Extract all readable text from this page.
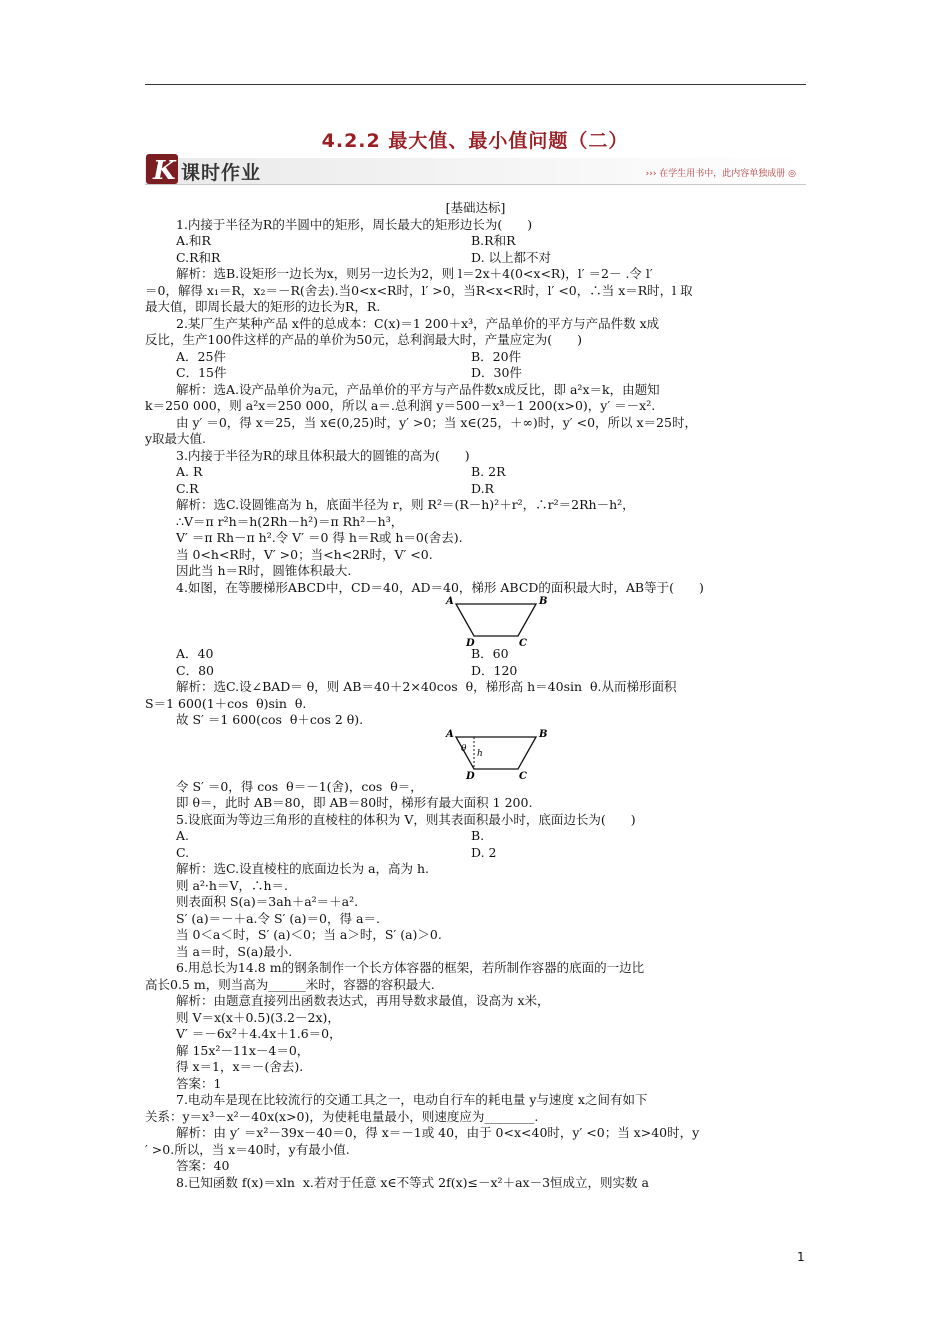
4.2.2 最大值、最小值问题（二）
K 课时作业	››› 在学生用书中，此内容单独成册 ◎
[基础达标]
1.内接于半径为R的半圆中的矩形，周长最大的矩形边长为(　　)
A.和R	B.R和R
C.R和R	D. 以上都不对
解析：选B.设矩形一边长为x，则另一边长为2，则 l＝2x＋4(0<x<R)，l′ ＝2－ .令 l′
＝0，解得 x₁＝R，x₂＝－R(舍去).当0<x<R时，l′ >0，当R<x<R时，l′ <0，∴当 x＝R时，l 取
最大值，即周长最大的矩形的边长为R，R.
2.某厂生产某种产品 x件的总成本：C(x)＝1 200＋x³，产品单价的平方与产品件数 x成
反比，生产100件这样的产品的单价为50元，总利润最大时，产量应定为(　　)
A．25件	B．20件
C．15件	D．30件
解析：选A.设产品单价为a元，产品单价的平方与产品件数x成反比，即 a²x＝k，由题知
k＝250 000，则 a²x＝250 000，所以 a＝.总利润 y＝500－x³－1 200(x>0)，y′ ＝－x².
由 y′ ＝0，得 x＝25，当 x∈(0,25)时，y′ >0；当 x∈(25，＋∞)时，y′ <0，所以 x＝25时，
y取最大值.
3.内接于半径为R的球且体积最大的圆锥的高为(　　)
A. R	B. 2R
C.R	D.R
解析：选C.设圆锥高为 h，底面半径为 r，则 R²＝(R－h)²＋r²，∴r²＝2Rh－h²，
∴V＝π r²h＝h(2Rh－h²)＝π Rh²－h³，
V′ ＝π Rh－π h².令 V′ ＝0 得 h＝R或 h＝0(舍去).
当 0<h<R时，V′ >0；当<h<2R时，V′ <0.
因此当 h＝R时，圆锥体积最大.
4.如图，在等腰梯形ABCD中，CD＝40，AD＝40，梯形 ABCD的面积最大时，AB等于(　　)
A	B
D	C
A．40	B．60
C．80	D．120
解析：选C.设∠BAD＝ θ，则 AB＝40＋2×40cos  θ，梯形高 h＝40sin  θ.从而梯形面积
S＝1 600(1＋cos  θ)sin  θ.
故 S′ ＝1 600(cos  θ＋cos 2 θ).
A	B
D	C
θ h
令 S′ ＝0，得 cos  θ＝－1(舍)，cos  θ＝，
即 θ＝，此时 AB＝80，即 AB＝80时，梯形有最大面积 1 200.
5.设底面为等边三角形的直棱柱的体积为 V，则其表面积最小时，底面边长为(　　)
A.	B.
C.	D. 2
解析：选C.设直棱柱的底面边长为 a，高为 h.
则 a²·h＝V，∴h＝.
则表面积 S(a)＝3ah＋a²＝＋a².
S′ (a)＝－＋a.令 S′ (a)＝0，得 a＝.
当 0＜a＜时，S′ (a)＜0；当 a＞时，S′ (a)＞0.
当 a＝时，S(a)最小.
6.用总长为14.8 m的钢条制作一个长方体容器的框架，若所制作容器的底面的一边比
高长0.5 m，则当高为______米时，容器的容积最大.
解析：由题意直接列出函数表达式，再用导数求最值，设高为 x米，
则 V＝x(x＋0.5)(3.2－2x)，
V′ ＝－6x²＋4.4x＋1.6＝0，
解 15x²－11x－4＝0，
得 x＝1，x＝－(舍去).
答案：1
7.电动车是现在比较流行的交通工具之一，电动自行车的耗电量 y与速度 x之间有如下
关系：y＝x³－x²－40x(x>0)，为使耗电量最小，则速度应为________.
解析：由 y′ ＝x²－39x－40＝0，得 x＝－1或 40，由于 0<x<40时，y′ <0；当 x>40时，y
′ >0.所以，当 x＝40时，y有最小值.
答案：40
8.已知函数 f(x)＝xln  x.若对于任意 x∈不等式 2f(x)≤－x²＋ax－3恒成立，则实数 a
1
